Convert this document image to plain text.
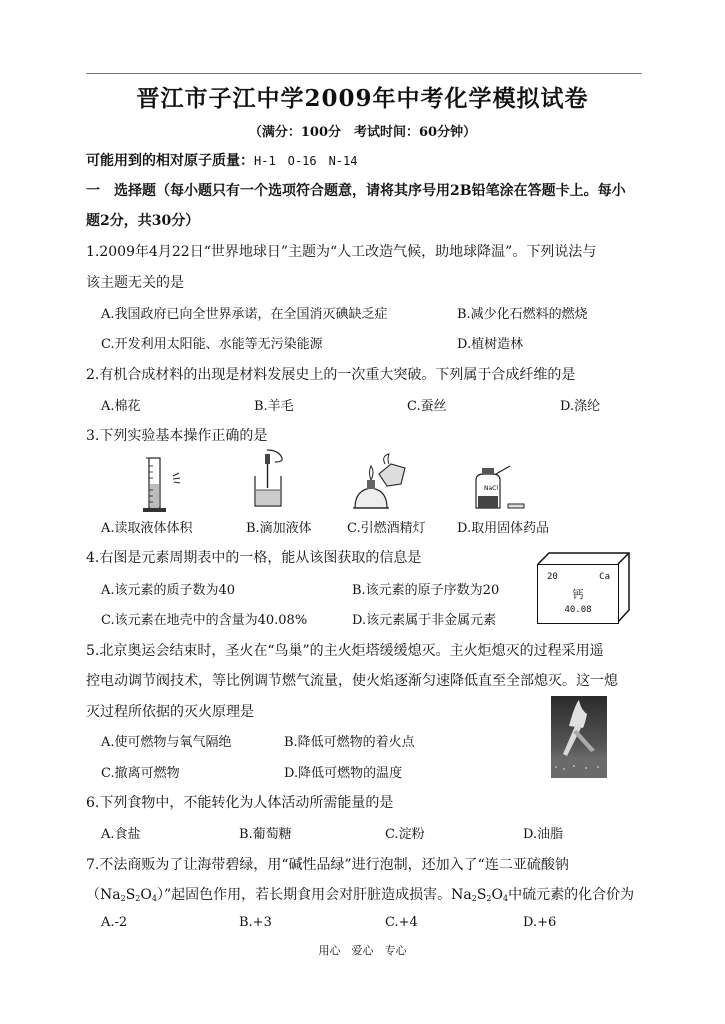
晋江市子江中学2009年中考化学模拟试卷
（满分：100分　考试时间：60分钟）
可能用到的相对原子质量：H-1　O-16　N-14
一　选择题（每小题只有一个选项符合题意，请将其序号用2B铅笔涂在答题卡上。每小
题2分，共30分）
1.2009年4月22日“世界地球日”主题为“人工改造气候，助地球降温”。下列说法与
该主题无关的是
A.我国政府已向全世界承诺，在全国消灭碘缺乏症	B.减少化石燃料的燃烧
C.开发利用太阳能、水能等无污染能源	D.植树造林
2.有机合成材料的出现是材料发展史上的一次重大突破。下列属于合成纤维的是
A.棉花	B.羊毛	C.蚕丝	D.涤纶
3.下列实验基本操作正确的是
NaCl
A.读取液体体积	B.滴加液体	C.引燃酒精灯 D.取用固体药品
4.右图是元素周期表中的一格，能从该图获取的信息是
A.该元素的质子数为40	B.该元素的原子序数为20
C.该元素在地壳中的含量为40.08%	D.该元素属于非金属元素
20	Ca
钙
40.08
5.北京奥运会结束时，圣火在“鸟巢”的主火炬塔缓缓熄灭。主火炬熄灭的过程采用遥
控电动调节阀技术，等比例调节燃气流量，使火焰逐渐匀速降低直至全部熄灭。这一熄
灭过程所依据的灭火原理是
A.使可燃物与氧气隔绝	B.降低可燃物的着火点
C.撤离可燃物	D.降低可燃物的温度
6.下列食物中，不能转化为人体活动所需能量的是
A.食盐	B.葡萄糖	C.淀粉	D.油脂
7.不法商贩为了让海带碧绿，用“碱性品绿”进行泡制，还加入了“连二亚硫酸钠
$(Na_2S_2O_4)$”起固色作用，若长期食用会对肝脏造成损害。$Na_2S_2O_4$中硫元素的化合价为
A.-2	B.+3	C.+4	D.+6
用心　爱心　专心
